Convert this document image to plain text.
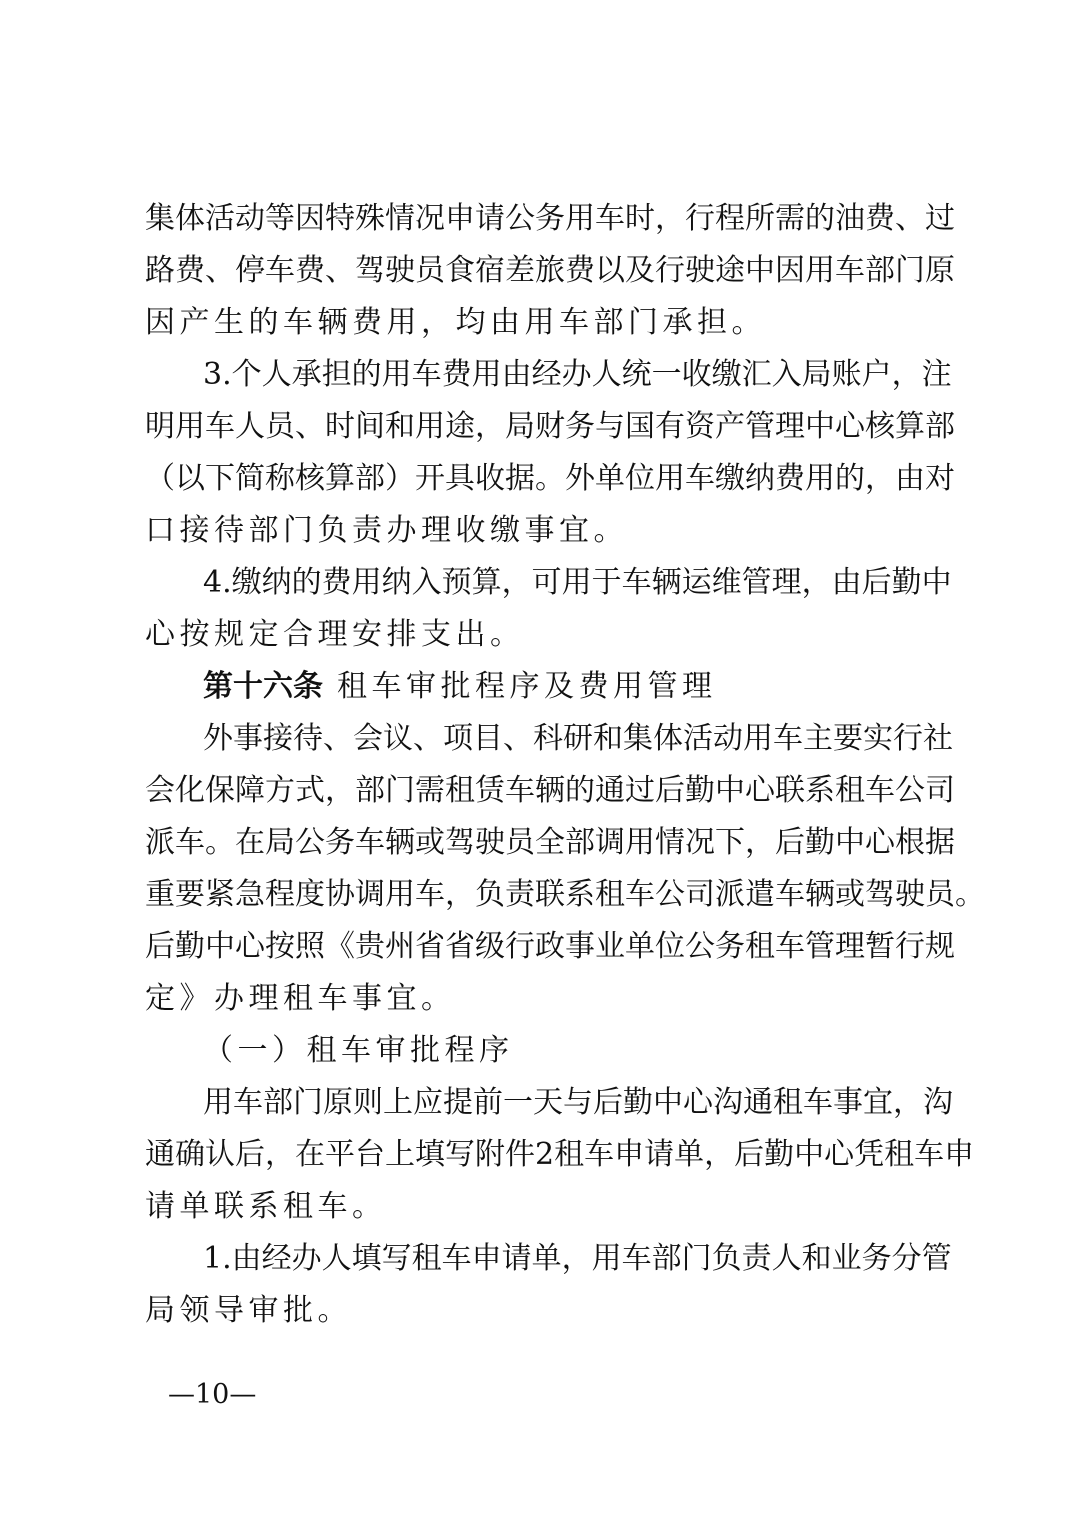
集体活动等因特殊情况申请公务用车时，行程所需的油费、过
路费、停车费、驾驶员食宿差旅费以及行驶途中因用车部门原
因产生的车辆费用，均由用车部门承担。
3.个人承担的用车费用由经办人统一收缴汇入局账户，注
明用车人员、时间和用途，局财务与国有资产管理中心核算部
（以下简称核算部）开具收据。外单位用车缴纳费用的，由对
口接待部门负责办理收缴事宜。
4.缴纳的费用纳入预算，可用于车辆运维管理，由后勤中
心按规定合理安排支出。
第十六条 租车审批程序及费用管理
外事接待、会议、项目、科研和集体活动用车主要实行社
会化保障方式，部门需租赁车辆的通过后勤中心联系租车公司
派车。在局公务车辆或驾驶员全部调用情况下，后勤中心根据
重要紧急程度协调用车，负责联系租车公司派遣车辆或驾驶员。
后勤中心按照《贵州省省级行政事业单位公务租车管理暂行规
定》办理租车事宜。
（一）租车审批程序
用车部门原则上应提前一天与后勤中心沟通租车事宜，沟
通确认后，在平台上填写附件2租车申请单，后勤中心凭租车申
请单联系租车。
1.由经办人填写租车申请单，用车部门负责人和业务分管
局领导审批。
—10—
